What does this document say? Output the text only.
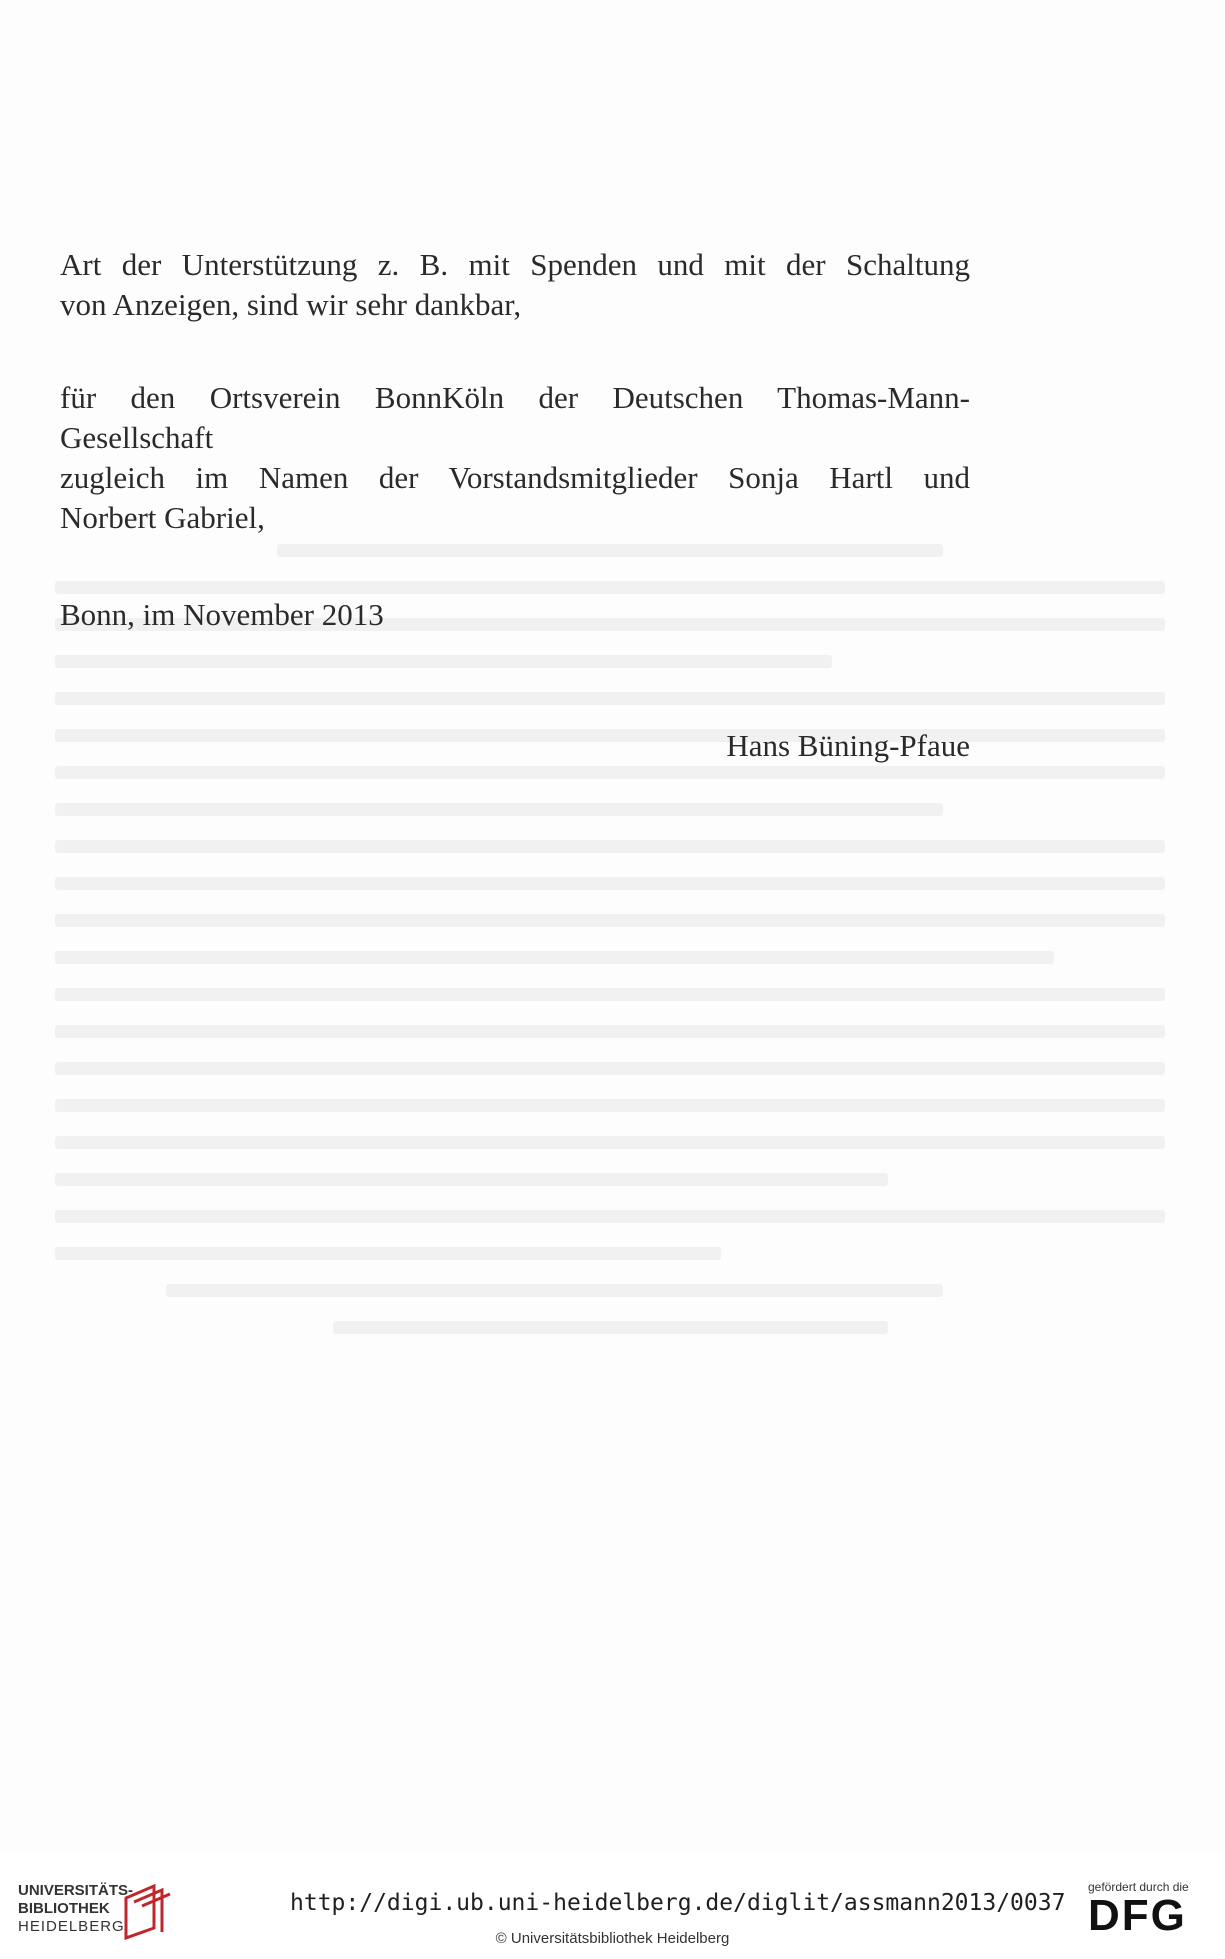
Art der Unterstützung z. B. mit Spenden und mit der Schaltung
von Anzeigen, sind wir sehr dankbar,
für den Ortsverein BonnKöln der Deutschen Thomas-Mann-
Gesellschaft
zugleich im Namen der Vorstandsmitglieder Sonja Hartl und
Norbert Gabriel,
Bonn, im November 2013
Hans Büning-Pfaue
UNIVERSITÄTS-
BIBLIOTHEK
HEIDELBERG
http://digi.ub.uni-heidelberg.de/diglit/assmann2013/0037
© Universitätsbibliothek Heidelberg
gefördert durch die
DFG
